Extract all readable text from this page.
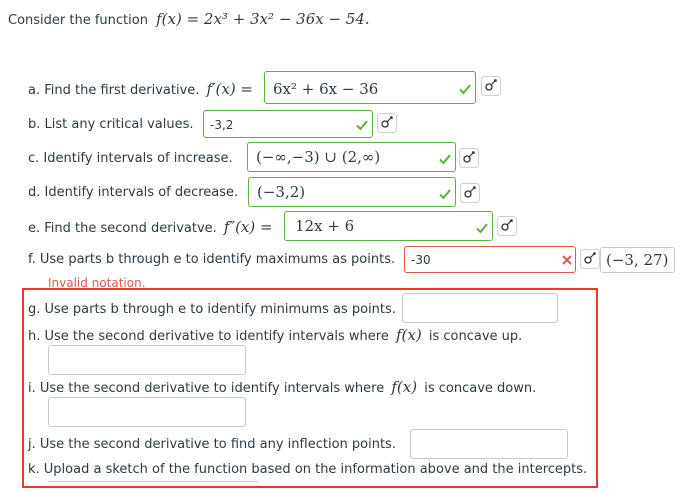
Consider the function f(x) = 2x³ + 3x² − 36x − 54.
a. Find the first derivative. f′(x) = 6x² + 6x − 36
b. List any critical values. -3,2
c. Identify intervals of increase. (−∞,−3) ∪ (2,∞)
d. Identify intervals of decrease. (−3,2)
e. Find the second derivatve. f″(x) = 12x + 6
f. Use parts b through e to identify maximums as points. -30	(−3, 27)
Invalid notation.
g. Use parts b through e to identify minimums as points.
h. Use the second derivative to identify intervals where f(x) is concave up.
i. Use the second derivative to identify intervals where f(x) is concave down.
j. Use the second derivative to find any inflection points.
k. Upload a sketch of the function based on the information above and the intercepts.
